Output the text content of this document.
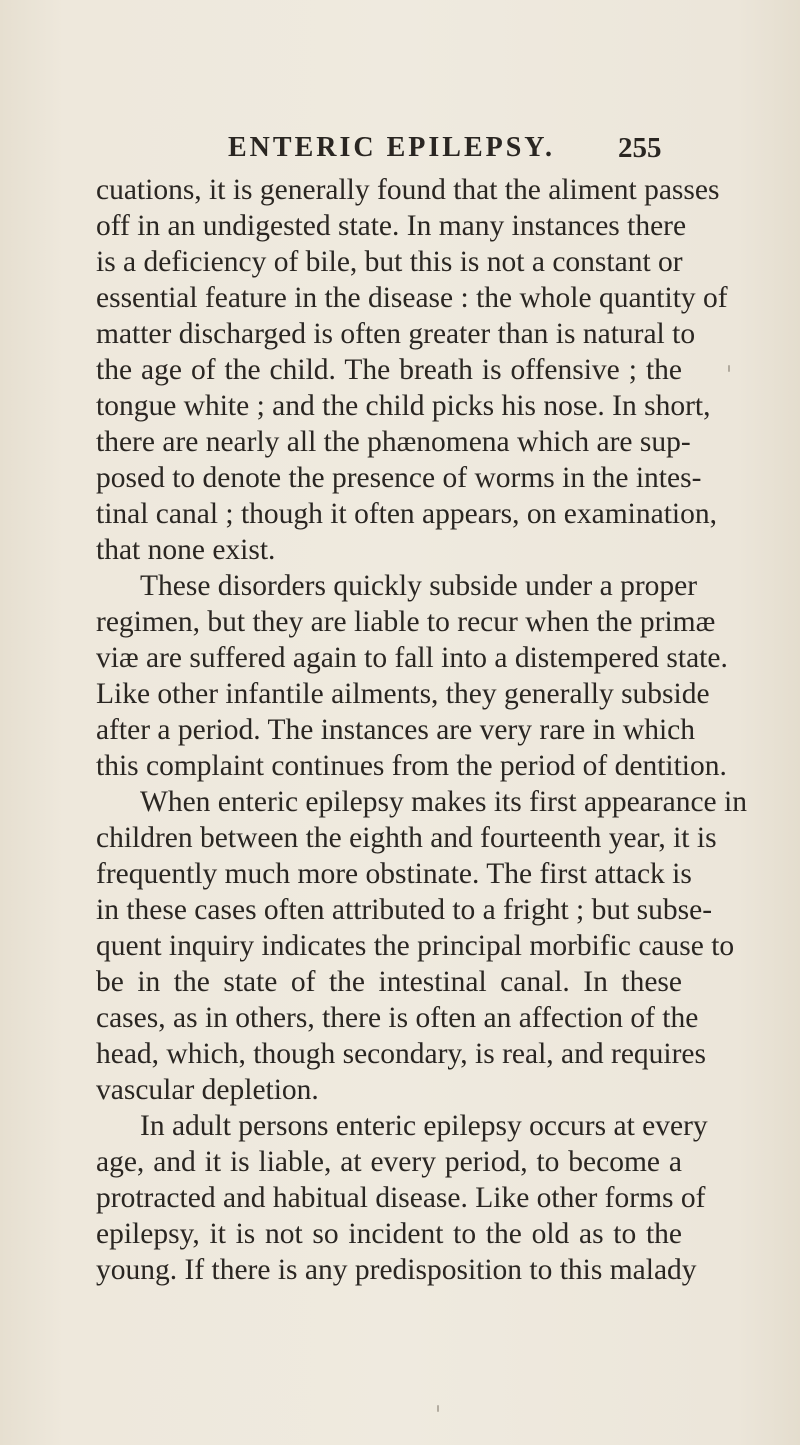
ENTERIC EPILEPSY. 255
cuations, it is generally found that the aliment passes
off in an undigested state. In many instances there
is a deficiency of bile, but this is not a constant or
essential feature in the disease : the whole quantity of
matter discharged is often greater than is natural to
the age of the child. The breath is offensive ; the
tongue white ; and the child picks his nose. In short,
there are nearly all the phænomena which are sup-
posed to denote the presence of worms in the intes-
tinal canal ; though it often appears, on examination,
that none exist.
These disorders quickly subside under a proper
regimen, but they are liable to recur when the primæ
viæ are suffered again to fall into a distempered state.
Like other infantile ailments, they generally subside
after a period. The instances are very rare in which
this complaint continues from the period of dentition.
When enteric epilepsy makes its first appearance in
children between the eighth and fourteenth year, it is
frequently much more obstinate. The first attack is
in these cases often attributed to a fright ; but subse-
quent inquiry indicates the principal morbific cause to
be in the state of the intestinal canal. In these
cases, as in others, there is often an affection of the
head, which, though secondary, is real, and requires
vascular depletion.
In adult persons enteric epilepsy occurs at every
age, and it is liable, at every period, to become a
protracted and habitual disease. Like other forms of
epilepsy, it is not so incident to the old as to the
young. If there is any predisposition to this malady
